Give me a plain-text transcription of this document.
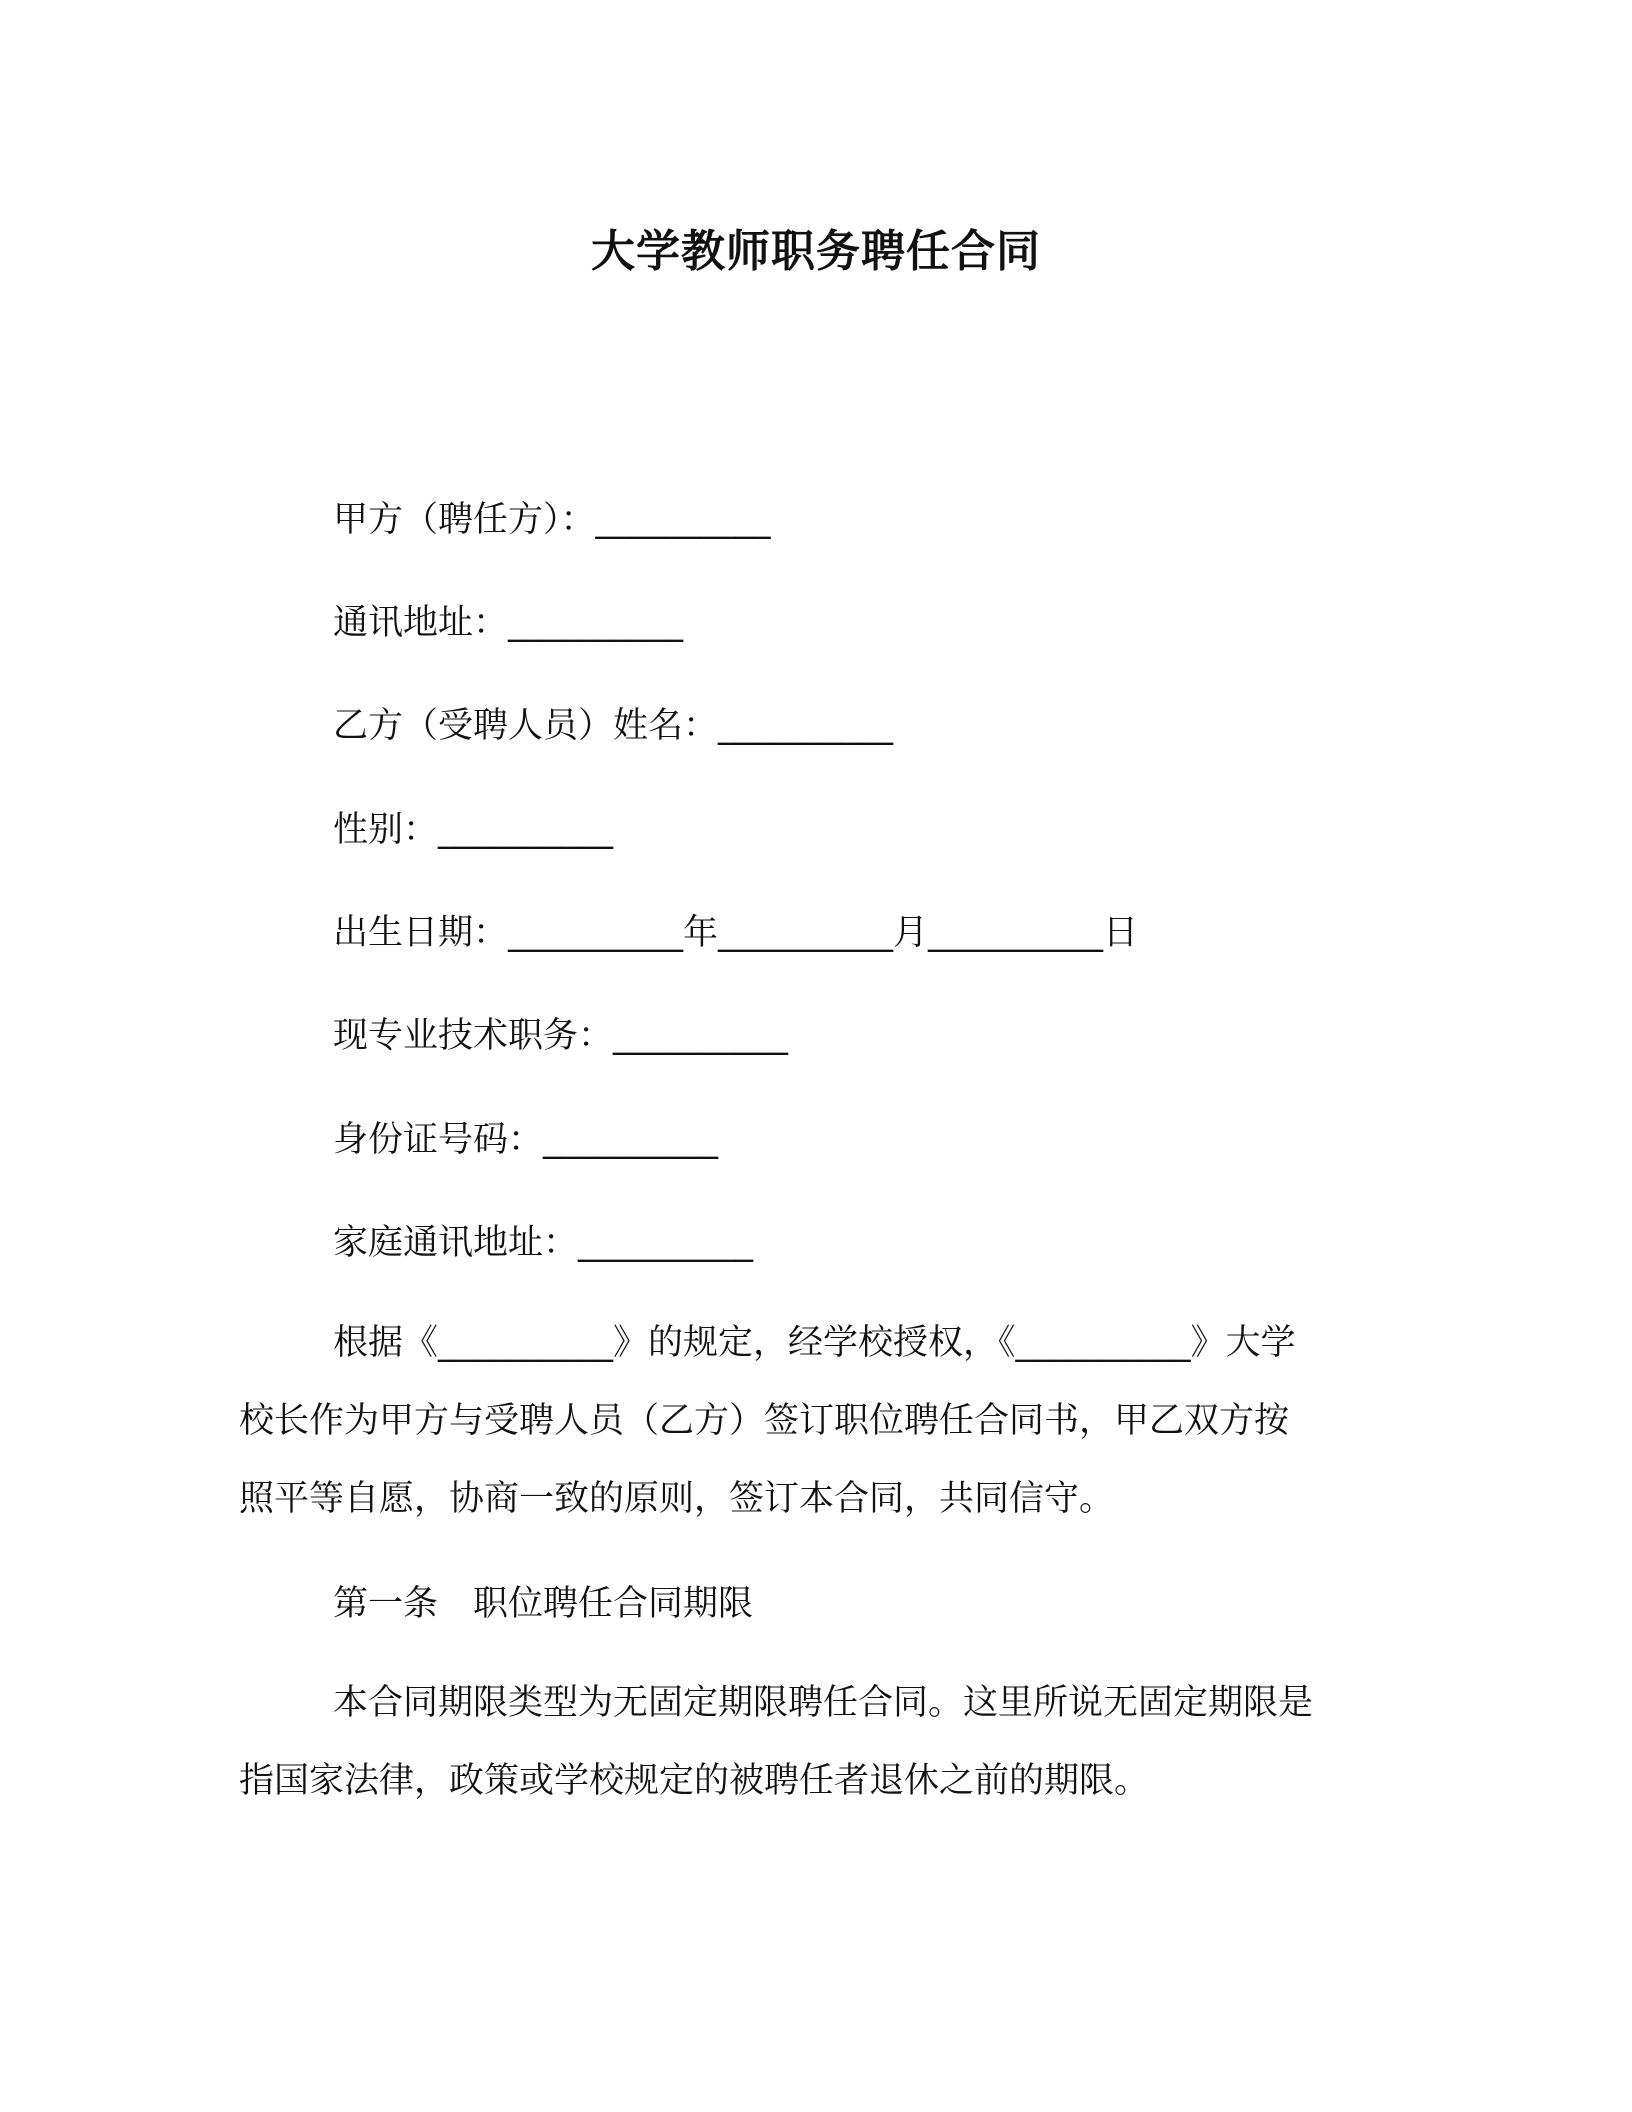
大学教师职务聘任合同
甲方（聘任方）：__________
通讯地址：__________
乙方（受聘人员）姓名：__________
性别：__________
出生日期：__________年__________月__________日
现专业技术职务：__________
身份证号码：__________
家庭通讯地址：__________
根据《__________》的规定，经学校授权，《__________》大学
校长作为甲方与受聘人员（乙方）签订职位聘任合同书，甲乙双方按
照平等自愿，协商一致的原则，签订本合同，共同信守。
第一条　职位聘任合同期限
本合同期限类型为无固定期限聘任合同。这里所说无固定期限是
指国家法律，政策或学校规定的被聘任者退休之前的期限。
